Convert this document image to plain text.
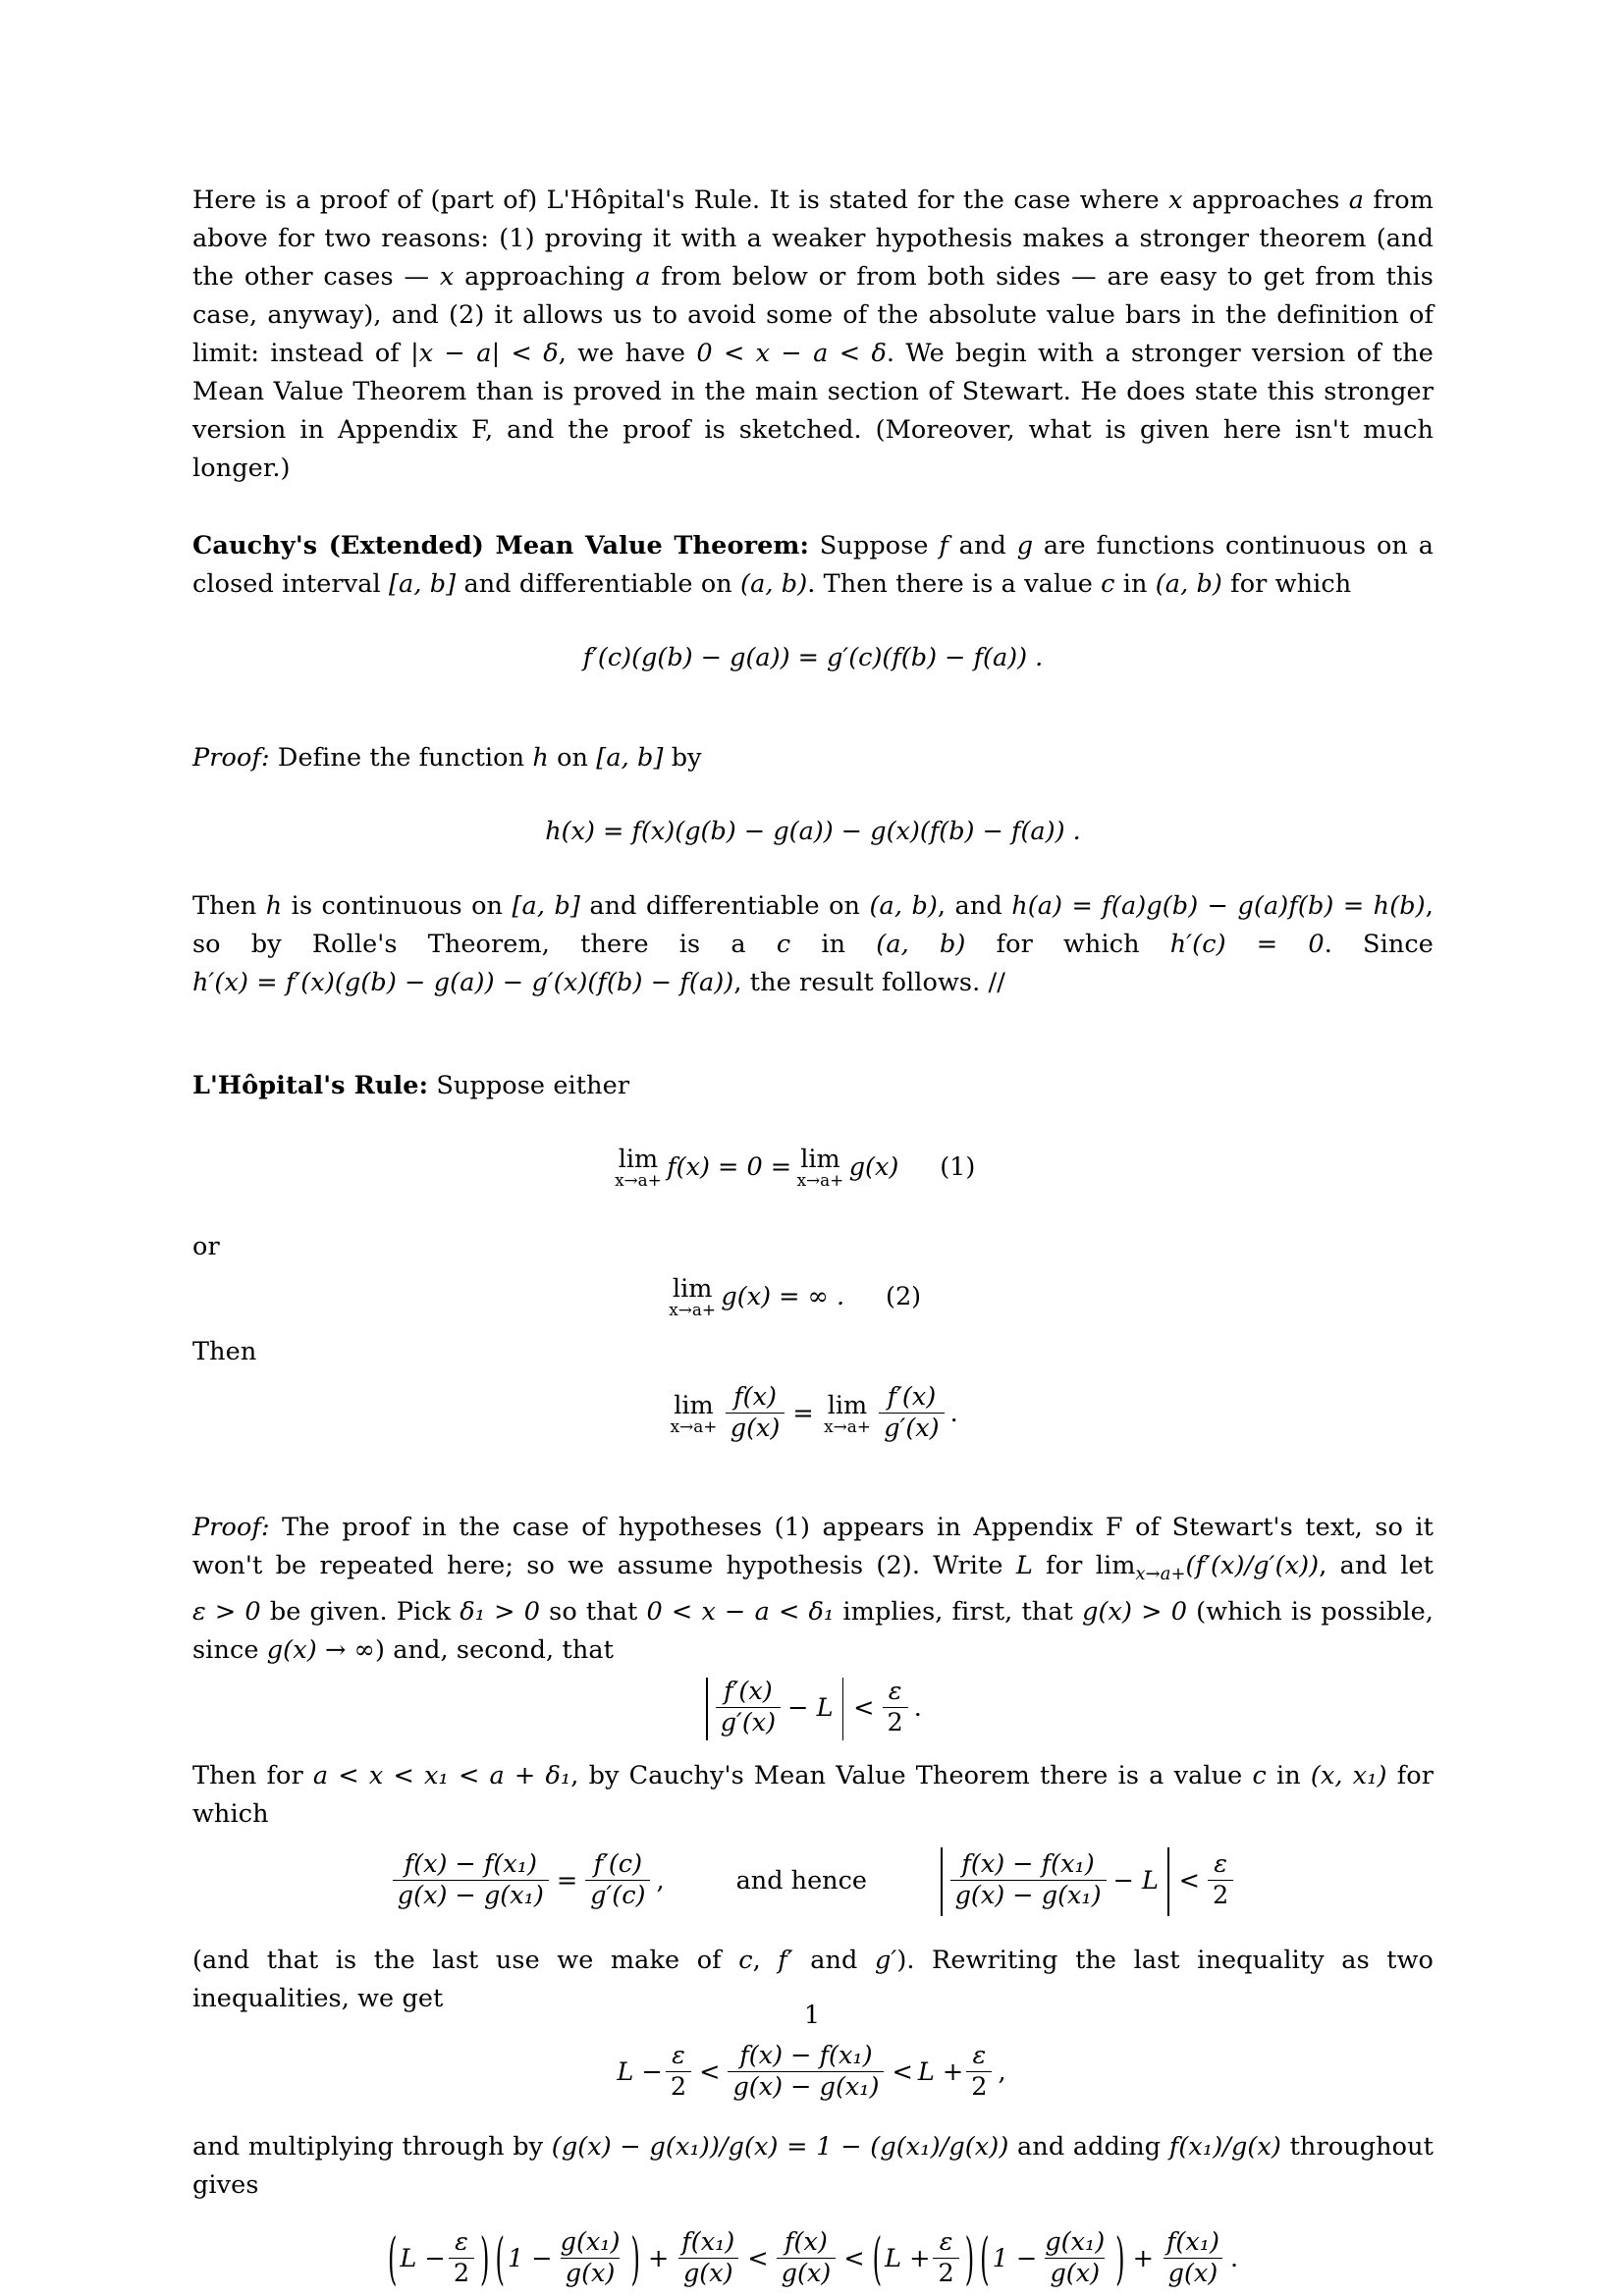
Here is a proof of (part of) L'Hôpital's Rule. It is stated for the case where x approaches a from above for two reasons: (1) proving it with a weaker hypothesis makes a stronger theorem (and the other cases — x approaching a from below or from both sides — are easy to get from this case, anyway), and (2) it allows us to avoid some of the absolute value bars in the definition of limit: instead of |x − a| < δ, we have 0 < x − a < δ. We begin with a stronger version of the Mean Value Theorem than is proved in the main section of Stewart. He does state this stronger version in Appendix F, and the proof is sketched. (Moreover, what is given here isn't much longer.)

Cauchy's (Extended) Mean Value Theorem: Suppose f and g are functions continuous on a closed interval [a, b] and differentiable on (a, b). Then there is a value c in (a, b) for which

f′(c)(g(b) − g(a)) = g′(c)(f(b) − f(a)) .

Proof: Define the function h on [a, b] by

h(x) = f(x)(g(b) − g(a)) − g(x)(f(b) − f(a)) .

Then h is continuous on [a, b] and differentiable on (a, b), and h(a) = f(a)g(b) − g(a)f(b) = h(b), so by Rolle's Theorem, there is a c in (a, b) for which h′(c) = 0. Since h′(x) = f′(x)(g(b) − g(a)) − g′(x)(f(b) − f(a)), the result follows. //

L'Hôpital's Rule: Suppose either

lim
x→a+ f(x) = 0 = lim
x→a+ g(x)	(1)

or

lim
x→a+ g(x) = ∞ .	(2)

Then

lim
$x\to a+ \frac{f(x)}{g(x)} = \lim$
$x\to a+ \frac{f'(x)}{g'(x)}$ .

Proof: The proof in the case of hypotheses (1) appears in Appendix F of Stewart's text, so it won't be repeated here; so we assume hypothesis (2). Write L for $\lim_{x\to a+}(f'(x)/g'(x))$, and let ε > 0 be given. Pick δ₁ > 0 so that 0 < x − a < δ₁ implies, first, that g(x) > 0 (which is possible, since g(x) → ∞) and, second, that

$\frac{f'(x)}{g'(x)} - L < \frac{\varepsilon}{2}$ .

Then for a < x < x₁ < a + δ₁, by Cauchy's Mean Value Theorem there is a value c in (x, x₁) for which

$\frac{\text{f(x) − f(x₁)}}{\text{g(x) − g(x₁)}} = \frac{f'(c)}{g'(c)}$ ,	and hence	$\frac{\text{f(x) − f(x₁)}}{\text{g(x) − g(x₁)}} - L < \frac{\varepsilon}{2}$

(and that is the last use we make of c, f′ and g′). Rewriting the last inequality as two inequalities, we get

$L - \frac{\varepsilon}{2} < \frac{\text{f(x) − f(x₁)}}{\text{g(x) − g(x₁)}} < L + \frac{\varepsilon}{2}$ ,

and multiplying through by (g(x) − g(x₁))/g(x) = 1 − (g(x₁)/g(x)) and adding f(x₁)/g(x) throughout gives

( $L - \frac{\varepsilon}{2}$ ) ( $1 - \frac{\text{g(x₁)}}{g(x)}$ ) + $\frac{\text{f(x₁)}}{g(x)} < \frac{f(x)}{g(x)}$ < ( $L + \frac{\varepsilon}{2}$ ) ( $1 - \frac{\text{g(x₁)}}{g(x)}$ ) + $\frac{\text{f(x₁)}}{g(x)}$ .
1
